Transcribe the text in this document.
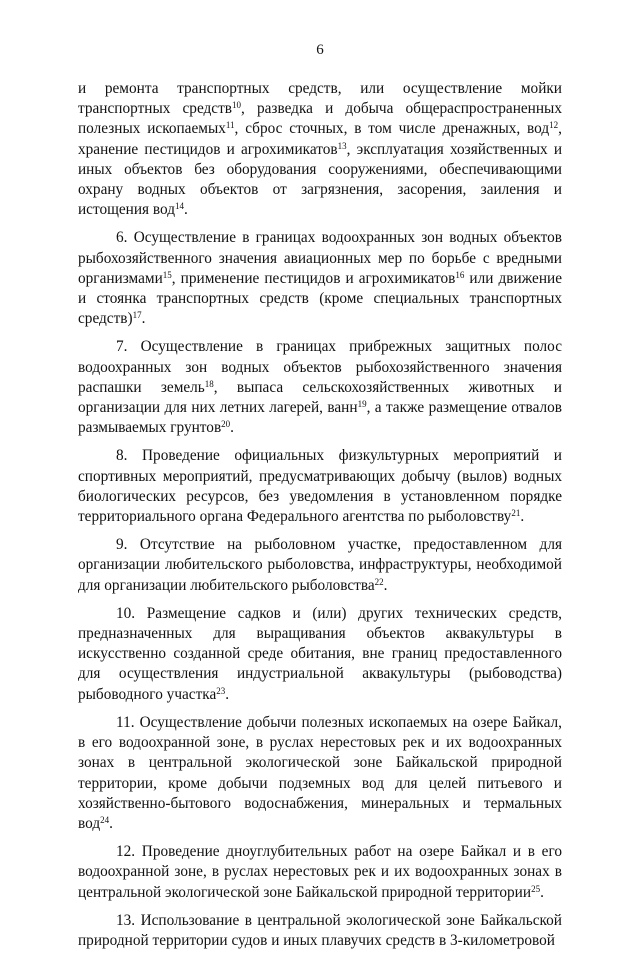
6

и ремонта транспортных средств, или осуществление мойки транспортных средств$^{10}$, разведка и добыча общераспространенных полезных ископаемых$^{11}$, сброс сточных, в том числе дренажных, вод$^{12}$, хранение пестицидов и агрохимикатов$^{13}$, эксплуатация хозяйственных и иных объектов без оборудования сооружениями, обеспечивающими охрану водных объектов от загрязнения, засорения, заиления и истощения вод$^{14}$.

6. Осуществление в границах водоохранных зон водных объектов рыбохозяйственного значения авиационных мер по борьбе с вредными организмами$^{15}$, применение пестицидов и агрохимикатов$^{16}$ или движение и стоянка транспортных средств (кроме специальных транспортных средств)$^{17}$.

7. Осуществление в границах прибрежных защитных полос водоохранных зон водных объектов рыбохозяйственного значения распашки земель$^{18}$, выпаса сельскохозяйственных животных и организации для них летних лагерей, ванн$^{19}$, а также размещение отвалов размываемых грунтов$^{20}$.

8. Проведение официальных физкультурных мероприятий и спортивных мероприятий, предусматривающих добычу (вылов) водных биологических ресурсов, без уведомления в установленном порядке территориального органа Федерального агентства по рыболовству$^{21}$.

9. Отсутствие на рыболовном участке, предоставленном для организации любительского рыболовства, инфраструктуры, необходимой для организации любительского рыболовства$^{22}$.

10. Размещение садков и (или) других технических средств, предназначенных для выращивания объектов аквакультуры в искусственно созданной среде обитания, вне границ предоставленного для осуществления индустриальной аквакультуры (рыбоводства) рыбоводного участка$^{23}$.

11. Осуществление добычи полезных ископаемых на озере Байкал, в его водоохранной зоне, в руслах нерестовых рек и их водоохранных зонах в центральной экологической зоне Байкальской природной территории, кроме добычи подземных вод для целей питьевого и хозяйственно-бытового водоснабжения, минеральных и термальных вод$^{24}$.

12. Проведение дноуглубительных работ на озере Байкал и в его водоохранной зоне, в руслах нерестовых рек и их водоохранных зонах в центральной экологической зоне Байкальской природной территории$^{25}$.

13. Использование в центральной экологической зоне Байкальской природной территории судов и иных плавучих средств в 3-километровой
